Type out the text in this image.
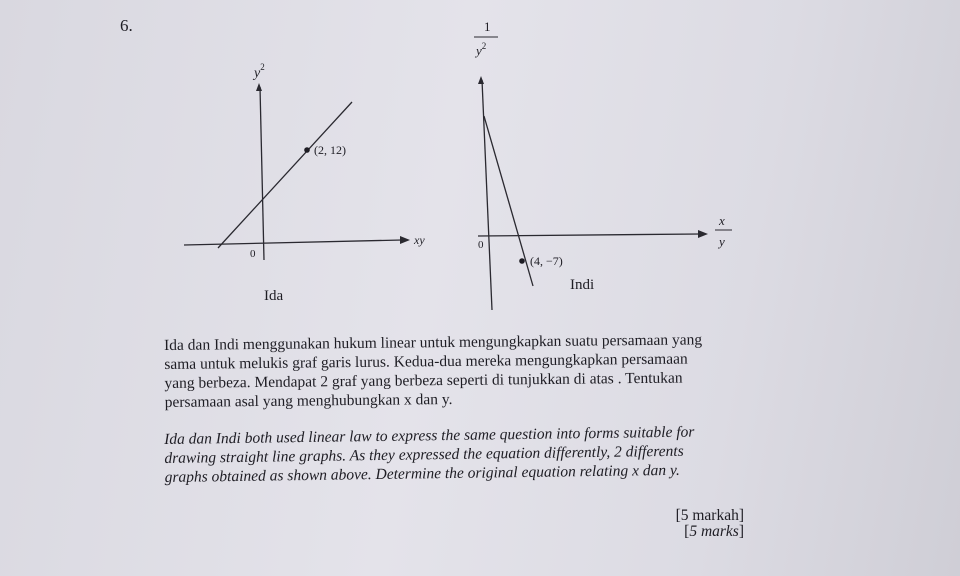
6.
(2, 12)
$y^2$
xy
0
Ida
(4, −7)
1
$y^2$
x
y
0
Indi
Ida dan Indi menggunakan hukum linear untuk mengungkapkan suatu persamaan yang
sama untuk melukis graf garis lurus. Kedua-dua mereka mengungkapkan persamaan
yang berbeza. Mendapat 2 graf yang berbeza seperti di tunjukkan di atas . Tentukan
persamaan asal yang menghubungkan x dan y.
Ida dan Indi both used linear law to express the same question into forms suitable for
drawing straight line graphs. As they expressed the equation differently, 2 differents
graphs obtained as shown above. Determine the original equation relating x dan y.
[5 markah]
[5 marks]
